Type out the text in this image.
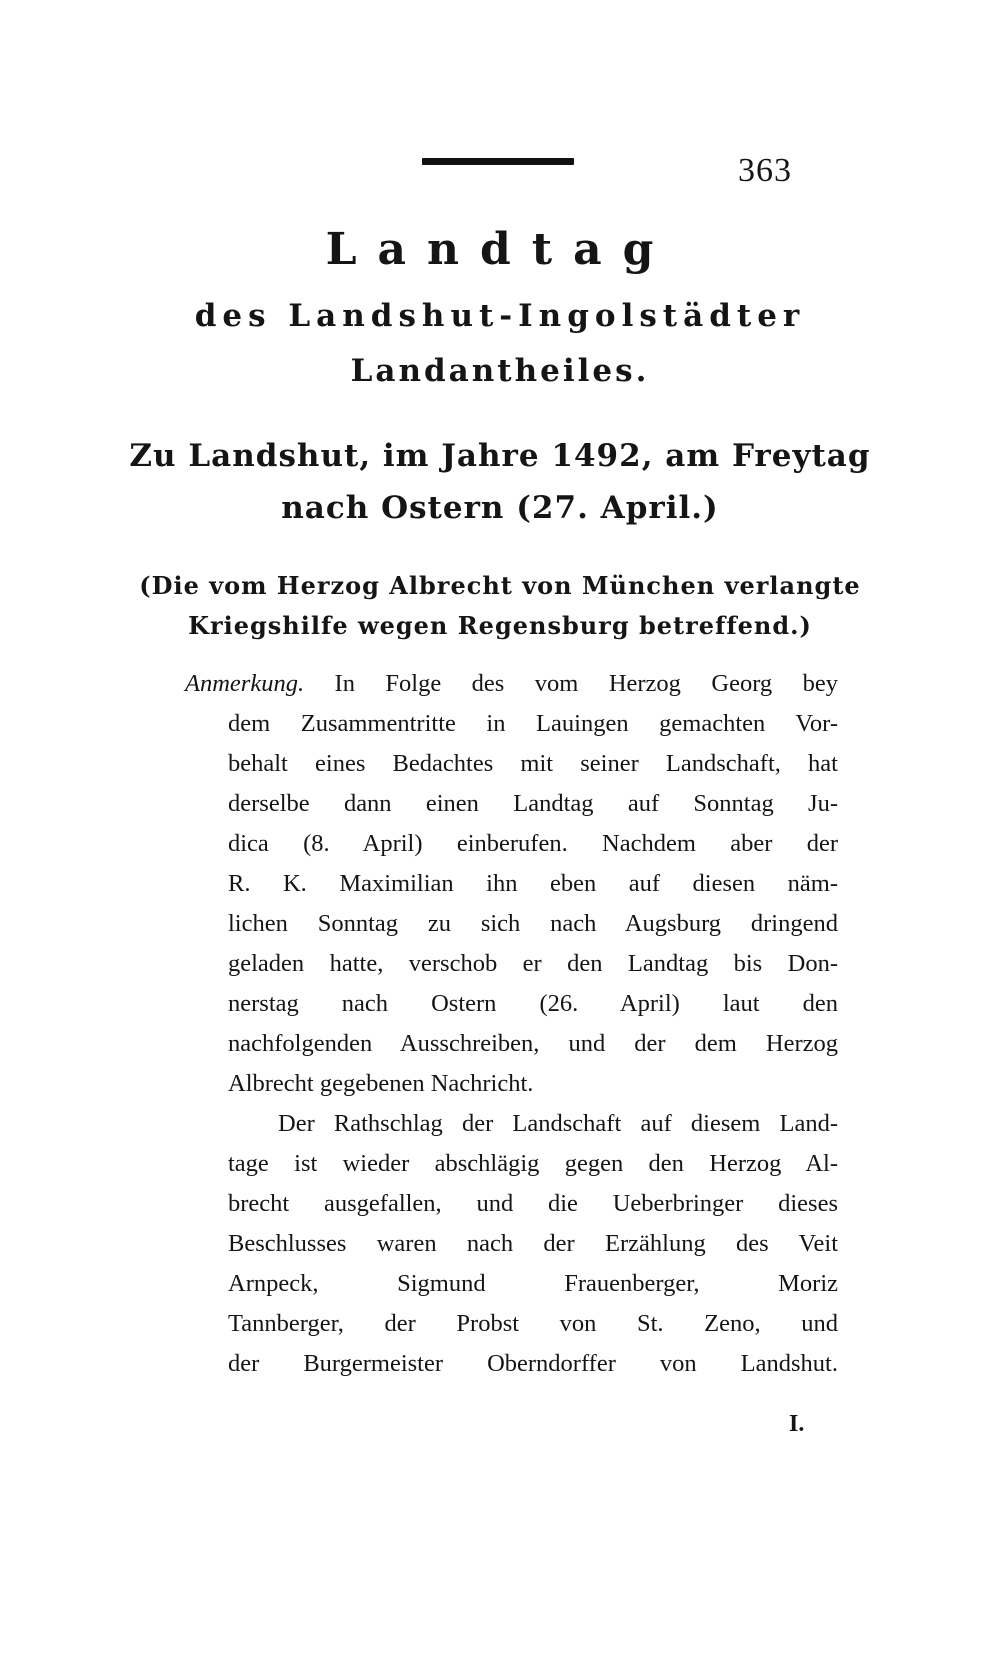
363
Landtag
des Landshut-Ingolstädter
Landantheiles.
Zu Landshut, im Jahre 1492, am Freytag
nach Ostern (27. April.)
(Die vom Herzog Albrecht von München verlangte
Kriegshilfe wegen Regensburg betreffend.)
Anmerkung. In Folge des vom Herzog Georg bey
dem Zusammentritte in Lauingen gemachten Vor-
behalt eines Bedachtes mit seiner Landschaft, hat
derselbe dann einen Landtag auf Sonntag Ju-
dica (8. April) einberufen. Nachdem aber der
R. K. Maximilian ihn eben auf diesen näm-
lichen Sonntag zu sich nach Augsburg dringend
geladen hatte, verschob er den Landtag bis Don-
nerstag nach Ostern (26. April) laut den
nachfolgenden Ausschreiben, und der dem Herzog
Albrecht gegebenen Nachricht.
Der Rathschlag der Landschaft auf diesem Land-
tage ist wieder abschlägig gegen den Herzog Al-
brecht ausgefallen, und die Ueberbringer dieses
Beschlusses waren nach der Erzählung des Veit
Arnpeck, Sigmund Frauenberger, Moriz
Tannberger, der Probst von St. Zeno, und
der Burgermeister Oberndorffer von Landshut.
I.
